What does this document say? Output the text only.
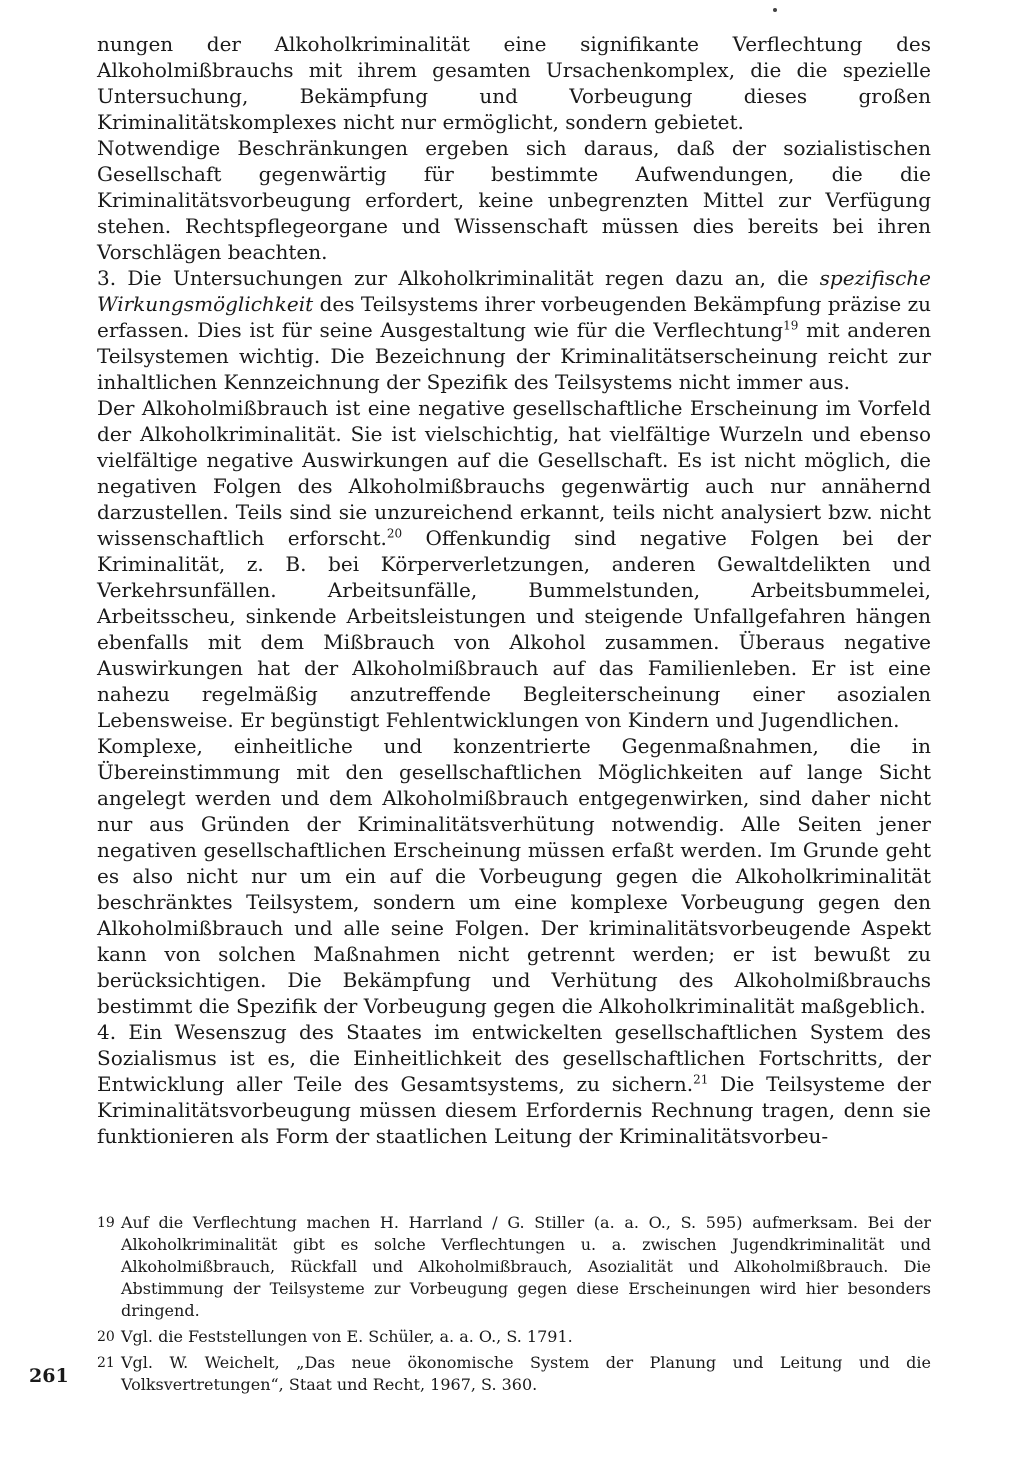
nungen der Alkoholkriminalität eine signifikante Verflechtung des Alkoholmißbrauchs mit ihrem gesamten Ursachenkomplex, die die spezielle Untersuchung, Bekämpfung und Vorbeugung dieses großen Kriminalitätskomplexes nicht nur ermöglicht, sondern gebietet.

Notwendige Beschränkungen ergeben sich daraus, daß der sozialistischen Gesellschaft gegenwärtig für bestimmte Aufwendungen, die die Kriminalitätsvorbeugung erfordert, keine unbegrenzten Mittel zur Verfügung stehen. Rechtspflegeorgane und Wissenschaft müssen dies bereits bei ihren Vorschlägen beachten.

3. Die Untersuchungen zur Alkoholkriminalität regen dazu an, die spezifische Wirkungsmöglichkeit des Teilsystems ihrer vorbeugenden Bekämpfung präzise zu erfassen. Dies ist für seine Ausgestaltung wie für die Verflechtung$^{19}$ mit anderen Teilsystemen wichtig. Die Bezeichnung der Kriminalitätserscheinung reicht zur inhaltlichen Kennzeichnung der Spezifik des Teilsystems nicht immer aus.

Der Alkoholmißbrauch ist eine negative gesellschaftliche Erscheinung im Vorfeld der Alkoholkriminalität. Sie ist vielschichtig, hat vielfältige Wurzeln und ebenso vielfältige negative Auswirkungen auf die Gesellschaft. Es ist nicht möglich, die negativen Folgen des Alkoholmißbrauchs gegenwärtig auch nur annähernd darzustellen. Teils sind sie unzureichend erkannt, teils nicht analysiert bzw. nicht wissenschaftlich erforscht.$^{20}$ Offenkundig sind negative Folgen bei der Kriminalität, z. B. bei Körperverletzungen, anderen Gewaltdelikten und Verkehrsunfällen. Arbeitsunfälle, Bummelstunden, Arbeitsbummelei, Arbeitsscheu, sinkende Arbeitsleistungen und steigende Unfallgefahren hängen ebenfalls mit dem Mißbrauch von Alkohol zusammen. Überaus negative Auswirkungen hat der Alkoholmißbrauch auf das Familienleben. Er ist eine nahezu regelmäßig anzutreffende Begleiterscheinung einer asozialen Lebensweise. Er begünstigt Fehlentwicklungen von Kindern und Jugendlichen.

Komplexe, einheitliche und konzentrierte Gegenmaßnahmen, die in Übereinstimmung mit den gesellschaftlichen Möglichkeiten auf lange Sicht angelegt werden und dem Alkoholmißbrauch entgegenwirken, sind daher nicht nur aus Gründen der Kriminalitätsverhütung notwendig. Alle Seiten jener negativen gesellschaftlichen Erscheinung müssen erfaßt werden. Im Grunde geht es also nicht nur um ein auf die Vorbeugung gegen die Alkoholkriminalität beschränktes Teilsystem, sondern um eine komplexe Vorbeugung gegen den Alkoholmißbrauch und alle seine Folgen. Der kriminalitätsvorbeugende Aspekt kann von solchen Maßnahmen nicht getrennt werden; er ist bewußt zu berücksichtigen. Die Bekämpfung und Verhütung des Alkoholmißbrauchs bestimmt die Spezifik der Vorbeugung gegen die Alkoholkriminalität maßgeblich.

4. Ein Wesenszug des Staates im entwickelten gesellschaftlichen System des Sozialismus ist es, die Einheitlichkeit des gesellschaftlichen Fortschritts, der Entwicklung aller Teile des Gesamtsystems, zu sichern.$^{21}$ Die Teilsysteme der Kriminalitätsvorbeugung müssen diesem Erfordernis Rechnung tragen, denn sie funktionieren als Form der staatlichen Leitung der Kriminalitätsvorbeu-

19 Auf die Verflechtung machen H. Harrland / G. Stiller (a. a. O., S. 595) aufmerksam. Bei der Alkoholkriminalität gibt es solche Verflechtungen u. a. zwischen Jugendkriminalität und Alkoholmißbrauch, Rückfall und Alkoholmißbrauch, Asozialität und Alkoholmißbrauch. Die Abstimmung der Teilsysteme zur Vorbeugung gegen diese Erscheinungen wird hier besonders dringend.
20 Vgl. die Feststellungen von E. Schüler, a. a. O., S. 1791.
21 Vgl. W. Weichelt, „Das neue ökonomische System der Planung und Leitung und die Volksvertretungen“, Staat und Recht, 1967, S. 360.
261
